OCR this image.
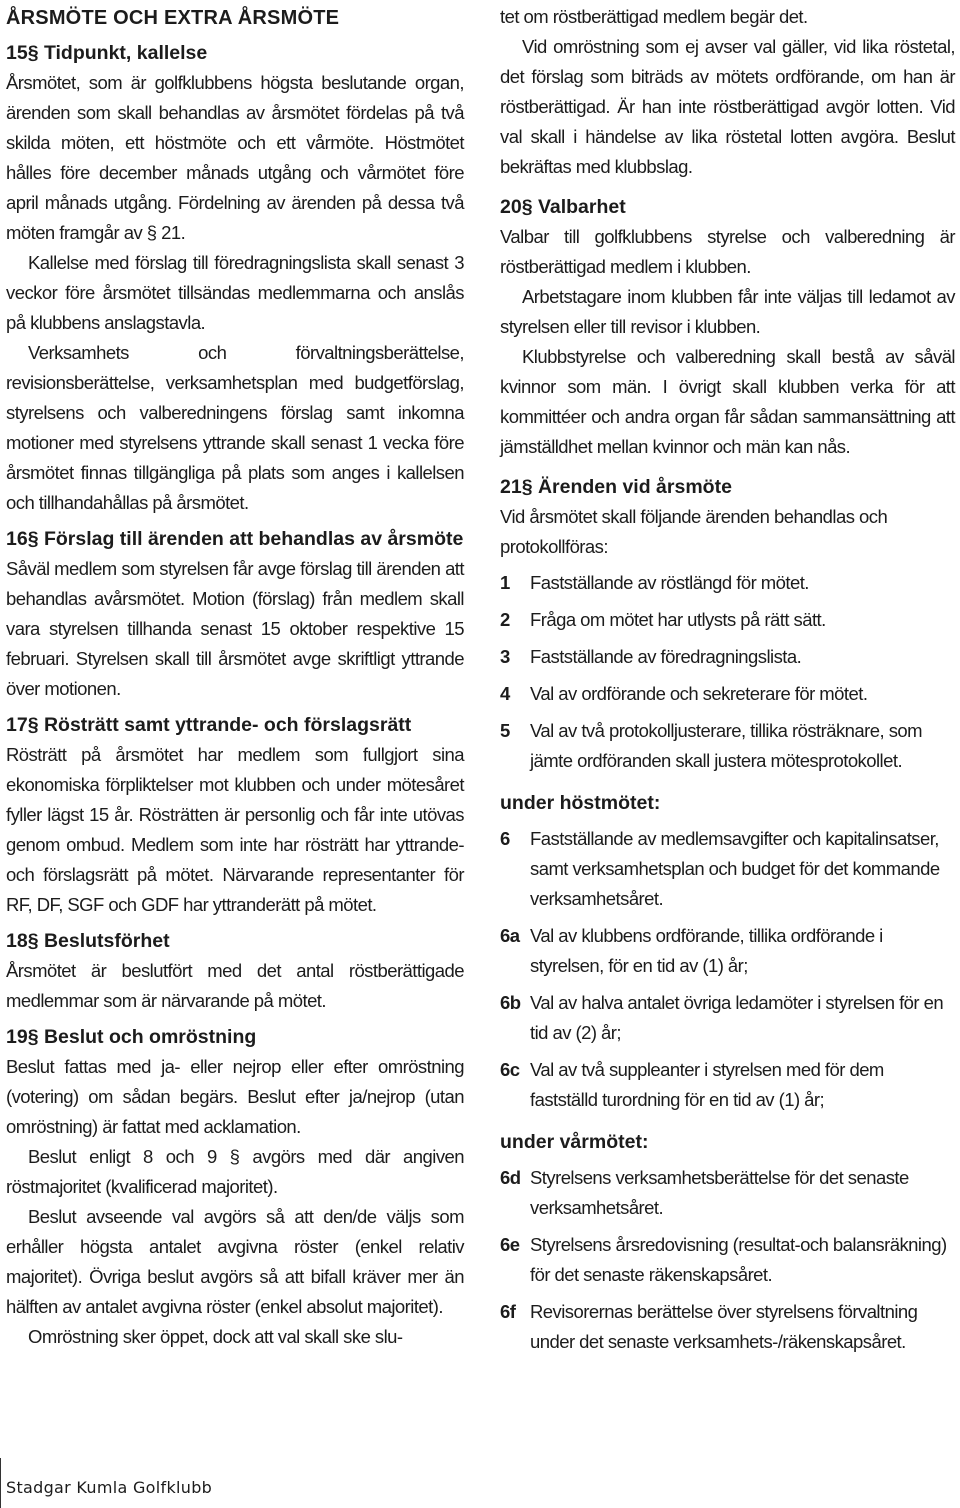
ÅRSMÖTE OCH EXTRA ÅRSMÖTE
15§ Tidpunkt, kallelse

Årsmötet, som är golfklubbens högsta beslutande organ, ärenden som skall behandlas av årsmötet fördelas på två skilda möten, ett höstmöte och ett vårmöte. Höstmötet hålles före december månads utgång och vårmötet före april månads utgång. Fördelning av ärenden på dessa två möten framgår av § 21.

Kallelse med förslag till föredragningslista skall senast 3 veckor före årsmötet tillsändas medlemmarna och anslås på klubbens anslagstavla.

Verksamhets och förvaltningsberättelse, revisionsberättelse, verksamhetsplan med budgetförslag, styrelsens och valberedningens förslag samt inkomna motioner med styrelsens yttrande skall senast 1 vecka före årsmötet finnas tillgängliga på plats som anges i kallelsen och tillhandahållas på årsmötet.

16§ Förslag till ärenden att behandlas av årsmöte

Såväl medlem som styrelsen får avge förslag till ärenden att behandlas avårsmötet. Motion (förslag) från medlem skall vara styrelsen tillhanda senast 15 oktober respektive 15 februari. Styrelsen skall till årsmötet avge skriftligt yttrande över motionen.

17§ Rösträtt samt yttrande- och förslagsrätt

Rösträtt på årsmötet har medlem som fullgjort sina ekonomiska förpliktelser mot klubben och under mötesåret fyller lägst 15 år. Rösträtten är personlig och får inte utövas genom ombud. Medlem som inte har rösträtt har yttrande- och förslagsrätt på mötet. Närvarande representanter för RF, DF, SGF och GDF har yttranderätt på mötet.

18§ Beslutsförhet

Årsmötet är beslutfört med det antal röstberättigade medlemmar som är närvarande på mötet.

19§ Beslut och omröstning

Beslut fattas med ja- eller nejrop eller efter omröstning (votering) om sådan begärs. Beslut efter ja/nejrop (utan omröstning) är fattat med acklamation.

Beslut enligt 8 och 9 § avgörs med där angiven röstmajoritet (kvalificerad majoritet).

Beslut avseende val avgörs så att den/de väljs som erhåller högsta antalet avgivna röster (enkel relativ majoritet). Övriga beslut avgörs så att bifall kräver mer än hälften av antalet avgivna röster (enkel absolut majoritet).

Omröstning sker öppet, dock att val skall ske slu-

tet om röstberättigad medlem begär det.

Vid omröstning som ej avser val gäller, vid lika röstetal, det förslag som biträds av mötets ordförande, om han är röstberättigad. Är han inte röstberättigad avgör lotten. Vid val skall i händelse av lika röstetal lotten avgöra. Beslut bekräftas med klubbslag.

20§ Valbarhet

Valbar till golfklubbens styrelse och valberedning är röstberättigad medlem i klubben.

Arbetstagare inom klubben får inte väljas till ledamot av styrelsen eller till revisor i klubben.

Klubbstyrelse och valberedning skall bestå av såväl kvinnor som män. I övrigt skall klubben verka för att kommittéer och andra organ får sådan sammansättning att jämställdhet mellan kvinnor och män kan nås.

21§ Ärenden vid årsmöte

Vid årsmötet skall följande ärenden behandlas och protokollföras:

1	Fastställande av röstlängd för mötet.
2	Fråga om mötet har utlysts på rätt sätt.
3	Fastställande av föredragningslista.
4	Val av ordförande och sekreterare för mötet.
5	Val av två protokolljusterare, tillika rösträknare, som jämte ordföranden skall justera mötesprotokollet.
under höstmötet:
6	Fastställande av medlemsavgifter och kapitalinsatser, samt verksamhetsplan och budget för det kommande verksamhetsåret.
6a Val av klubbens ordförande, tillika ordförande i styrelsen, för en tid av (1) år;
6b Val av halva antalet övriga ledamöter i styrelsen för en tid av (2) år;
6c Val av två suppleanter i styrelsen med för dem fastställd turordning för en tid av (1) år;
under vårmötet:
6d Styrelsens verksamhetsberättelse för det senaste verksamhetsåret.
6e Styrelsens årsredovisning (resultat-och balansräkning) för det senaste räkenskapsåret.
6f Revisorernas berättelse över styrelsens förvaltning under det senaste verksamhets-/räkenskapsåret.
Stadgar Kumla Golfklubb
